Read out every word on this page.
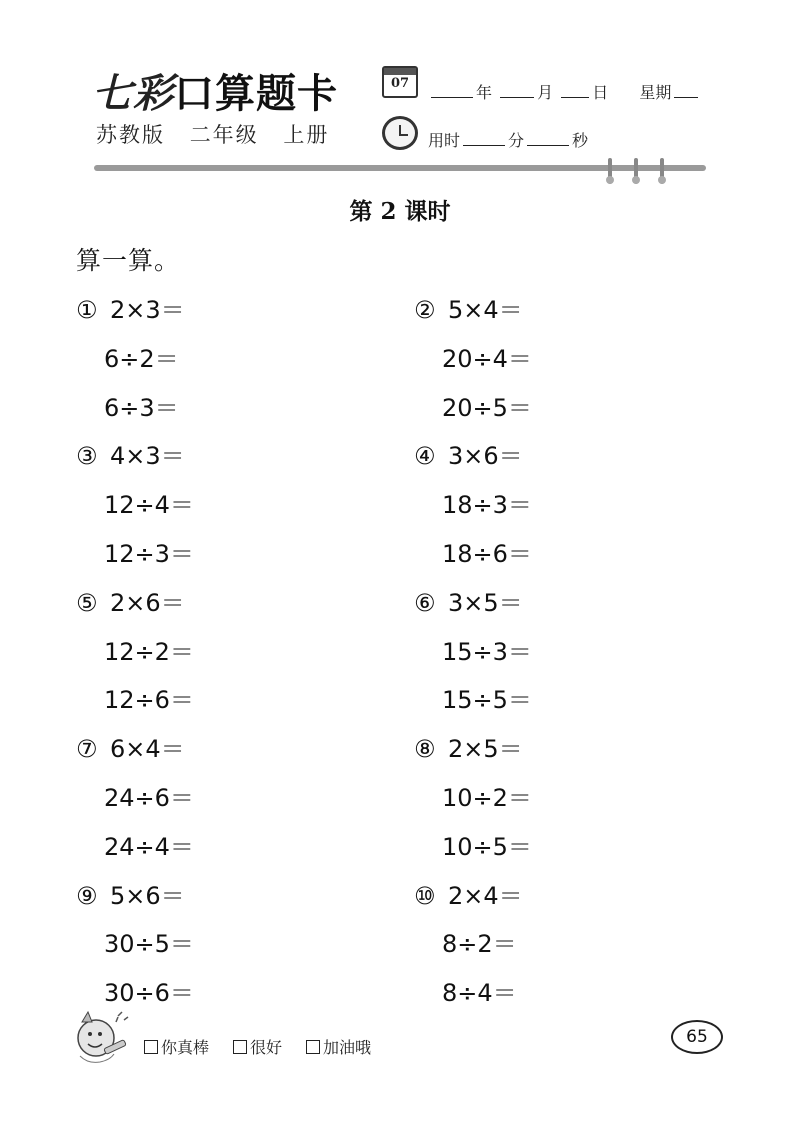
七彩口算题卡
苏教版 二年级 上册
07	年	月 日 星期
用时	分	秒
第 2 课时
算一算。
① 2×3＝
6÷2＝
6÷3＝
② 5×4＝
20÷4＝
20÷5＝
③ 4×3＝
12÷4＝
12÷3＝
④ 3×6＝
18÷3＝
18÷6＝
⑤ 2×6＝
12÷2＝
12÷6＝
⑥ 3×5＝
15÷3＝
15÷5＝
⑦ 6×4＝
24÷6＝
24÷4＝
⑧ 2×5＝
10÷2＝
10÷5＝
⑨ 5×6＝
30÷5＝
30÷6＝
⑩ 2×4＝
8÷2＝
8÷4＝
你真棒	很好	加油哦
65
